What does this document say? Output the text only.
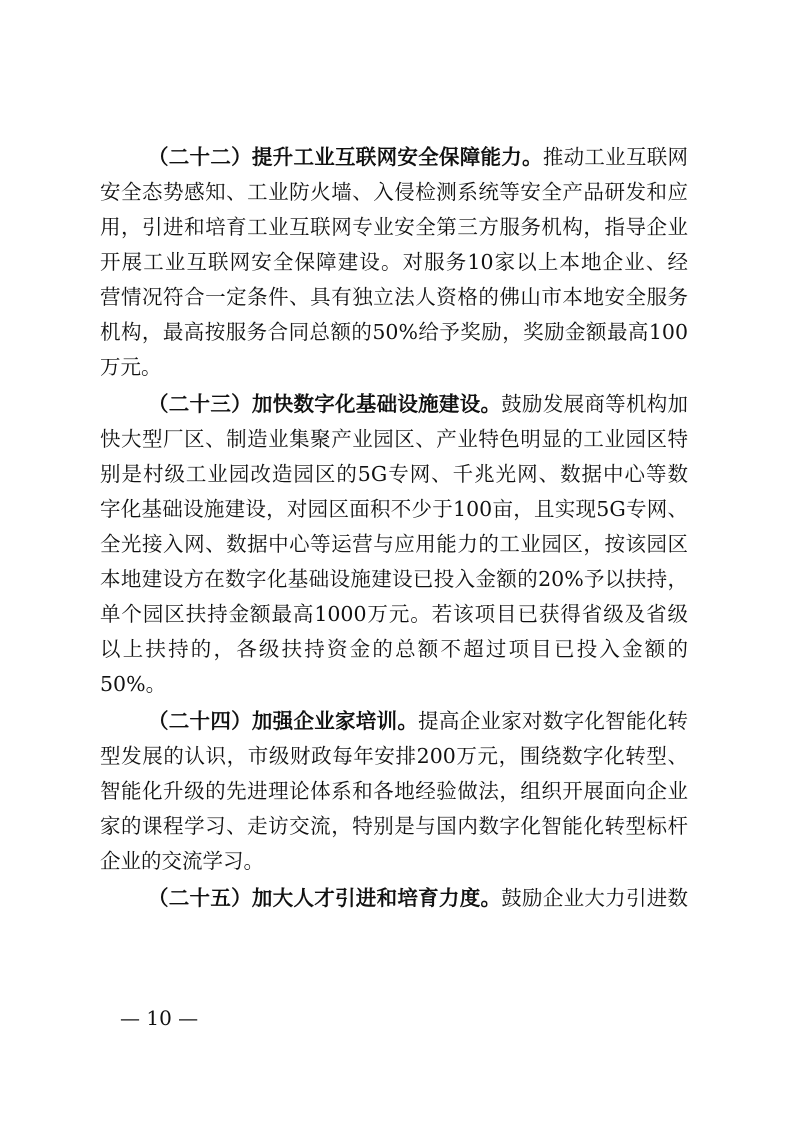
（二十二）提升工业互联网安全保障能力。推动工业互联网
安全态势感知、工业防火墙、入侵检测系统等安全产品研发和应
用，引进和培育工业互联网专业安全第三方服务机构，指导企业
开展工业互联网安全保障建设。对服务10家以上本地企业、经
营情况符合一定条件、具有独立法人资格的佛山市本地安全服务
机构，最高按服务合同总额的50%给予奖励，奖励金额最高100
万元。
（二十三）加快数字化基础设施建设。鼓励发展商等机构加
快大型厂区、制造业集聚产业园区、产业特色明显的工业园区特
别是村级工业园改造园区的5G专网、千兆光网、数据中心等数
字化基础设施建设，对园区面积不少于100亩，且实现5G专网、
全光接入网、数据中心等运营与应用能力的工业园区，按该园区
本地建设方在数字化基础设施建设已投入金额的20%予以扶持，
单个园区扶持金额最高1000万元。若该项目已获得省级及省级
以上扶持的，各级扶持资金的总额不超过项目已投入金额的
50%。
（二十四）加强企业家培训。提高企业家对数字化智能化转
型发展的认识，市级财政每年安排200万元，围绕数字化转型、
智能化升级的先进理论体系和各地经验做法，组织开展面向企业
家的课程学习、走访交流，特别是与国内数字化智能化转型标杆
企业的交流学习。
（二十五）加大人才引进和培育力度。鼓励企业大力引进数
— 10 —
